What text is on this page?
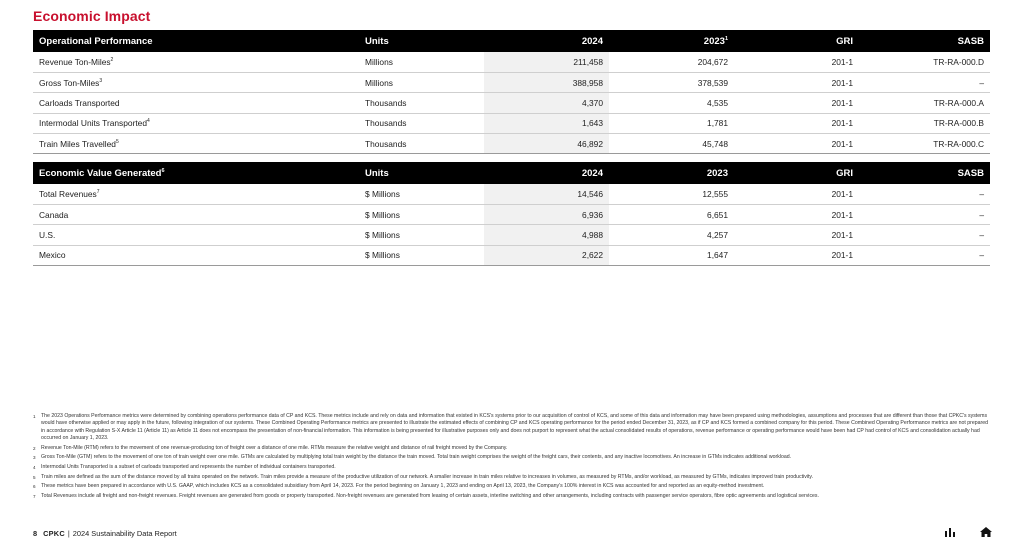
Economic Impact
Operational Performance	Units	2024	2023$^1$	GRI	SASB
Revenue Ton-Miles$^2$	Millions	211,458	204,672	201-1	TR-RA-000.D
Gross Ton-Miles$^3$	Millions	388,958	378,539	201-1	–
Carloads Transported	Thousands	4,370	4,535	201-1	TR-RA-000.A
Intermodal Units Transported$^4$	Thousands	1,643	1,781	201-1	TR-RA-000.B
Train Miles Travelled$^5$	Thousands	46,892	45,748	201-1	TR-RA-000.C
Economic Value Generated$^6$	Units	2024	2023	GRI	SASB
Total Revenues$^7$	$ Millions	14,546	12,555	201-1	–
Canada	$ Millions	6,936	6,651	201-1	–
U.S.	$ Millions	4,988	4,257	201-1	–
Mexico	$ Millions	2,622	1,647	201-1	–
1	The 2023 Operations Performance metrics were determined by combining operations performance data of CP and KCS. These metrics include and rely on data and information that existed in KCS's systems prior to our acquisition of control of KCS, and some of this data and information may have been prepared using methodologies, assumptions and processes that are different than those that CPKC's systems would have otherwise applied or may apply in the future, following integration of our systems. These Combined Operating Performance metrics are presented to illustrate the estimated effects of combining CP and KCS operating performance for the period ended December 31, 2023, as if CP and KCS formed a combined company for this period. These Combined Operating Performance metrics are not prepared in accordance with Regulation S-X Article 11 (Article 11) as Article 11 does not encompass the presentation of non-financial information. This information is being presented for illustrative purposes only and does not purport to represent what the actual consolidated results of operations, revenue performance or operating performance would have been had CP had control of KCS and consolidation actually had occurred on January 1, 2023.
2	Revenue Ton-Mile (RTM) refers to the movement of one revenue-producing ton of freight over a distance of one mile. RTMs measure the relative weight and distance of rail freight moved by the Company.
3	Gross Ton-Mile (GTM) refers to the movement of one ton of train weight over one mile. GTMs are calculated by multiplying total train weight by the distance the train moved. Total train weight comprises the weight of the freight cars, their contents, and any inactive locomotives. An increase in GTMs indicates additional workload.
4	Intermodal Units Transported is a subset of carloads transported and represents the number of individual containers transported.
5	Train miles are defined as the sum of the distance moved by all trains operated on the network. Train miles provide a measure of the productive utilization of our network. A smaller increase in train miles relative to increases in volumes, as measured by RTMs, and/or workload, as measured by GTMs, indicates improved train productivity.
6	These metrics have been prepared in accordance with U.S. GAAP, which includes KCS as a consolidated subsidiary from April 14, 2023. For the period beginning on January 1, 2023 and ending on April 13, 2023, the Company's 100% interest in KCS was accounted for and reported as an equity-method investment.
7	Total Revenues include all freight and non-freight revenues. Freight revenues are generated from goods or property transported. Non-freight revenues are generated from leasing of certain assets, interline switching and other arrangements, including contracts with passenger service operators, fibre optic agreements and logistical services.
8 CPKC | 2024 Sustainability Data Report
